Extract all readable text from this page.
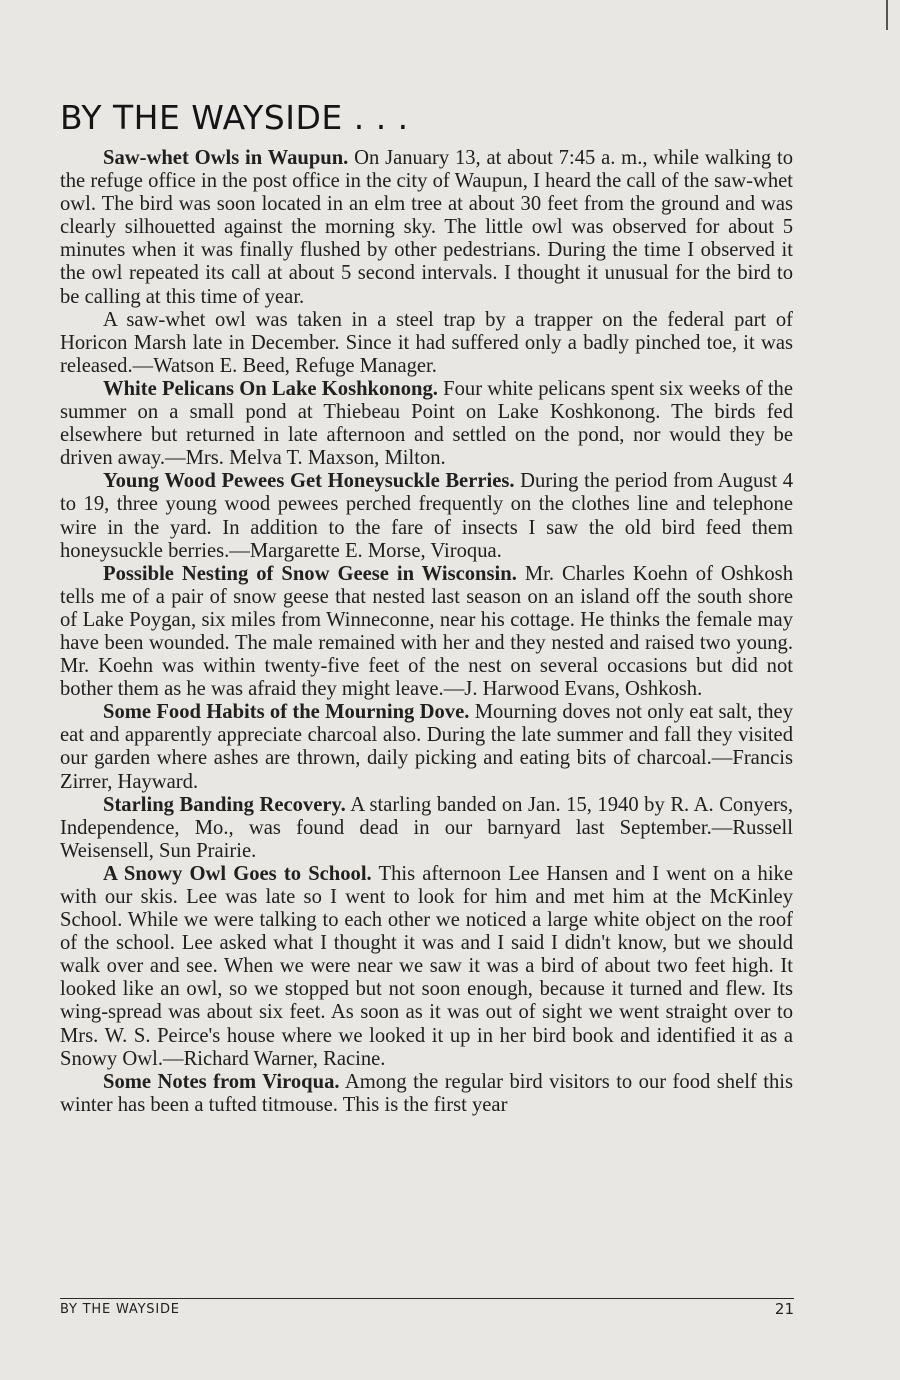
BY THE WAYSIDE . . .

Saw-whet Owls in Waupun. On January 13, at about 7:45 a. m., while walking to the refuge office in the post office in the city of Waupun, I heard the call of the saw-whet owl. The bird was soon located in an elm tree at about 30 feet from the ground and was clearly silhouetted against the morning sky. The little owl was observed for about 5 minutes when it was finally flushed by other pedestrians. During the time I observed it the owl repeated its call at about 5 second intervals. I thought it unusual for the bird to be calling at this time of year.

A saw-whet owl was taken in a steel trap by a trapper on the federal part of Horicon Marsh late in December. Since it had suffered only a badly pinched toe, it was released.—Watson E. Beed, Refuge Manager.

White Pelicans On Lake Koshkonong. Four white pelicans spent six weeks of the summer on a small pond at Thiebeau Point on Lake Koshkonong. The birds fed elsewhere but returned in late afternoon and settled on the pond, nor would they be driven away.—Mrs. Melva T. Maxson, Milton.

Young Wood Pewees Get Honeysuckle Berries. During the period from August 4 to 19, three young wood pewees perched frequently on the clothes line and telephone wire in the yard. In addition to the fare of insects I saw the old bird feed them honeysuckle berries.—Margarette E. Morse, Viroqua.

Possible Nesting of Snow Geese in Wisconsin. Mr. Charles Koehn of Oshkosh tells me of a pair of snow geese that nested last season on an island off the south shore of Lake Poygan, six miles from Winneconne, near his cottage. He thinks the female may have been wounded. The male remained with her and they nested and raised two young. Mr. Koehn was within twenty-five feet of the nest on several occasions but did not bother them as he was afraid they might leave.—J. Harwood Evans, Oshkosh.

Some Food Habits of the Mourning Dove. Mourning doves not only eat salt, they eat and apparently appreciate charcoal also. During the late summer and fall they visited our garden where ashes are thrown, daily picking and eating bits of charcoal.—Francis Zirrer, Hayward.

Starling Banding Recovery. A starling banded on Jan. 15, 1940 by R. A. Conyers, Independence, Mo., was found dead in our barnyard last September.—Russell Weisensell, Sun Prairie.

A Snowy Owl Goes to School. This afternoon Lee Hansen and I went on a hike with our skis. Lee was late so I went to look for him and met him at the McKinley School. While we were talking to each other we noticed a large white object on the roof of the school. Lee asked what I thought it was and I said I didn't know, but we should walk over and see. When we were near we saw it was a bird of about two feet high. It looked like an owl, so we stopped but not soon enough, because it turned and flew. Its wing-spread was about six feet. As soon as it was out of sight we went straight over to Mrs. W. S. Peirce's house where we looked it up in her bird book and identified it as a Snowy Owl.—Richard Warner, Racine.

Some Notes from Viroqua. Among the regular bird visitors to our food shelf this winter has been a tufted titmouse. This is the first year

BY THE WAYSIDE	21
